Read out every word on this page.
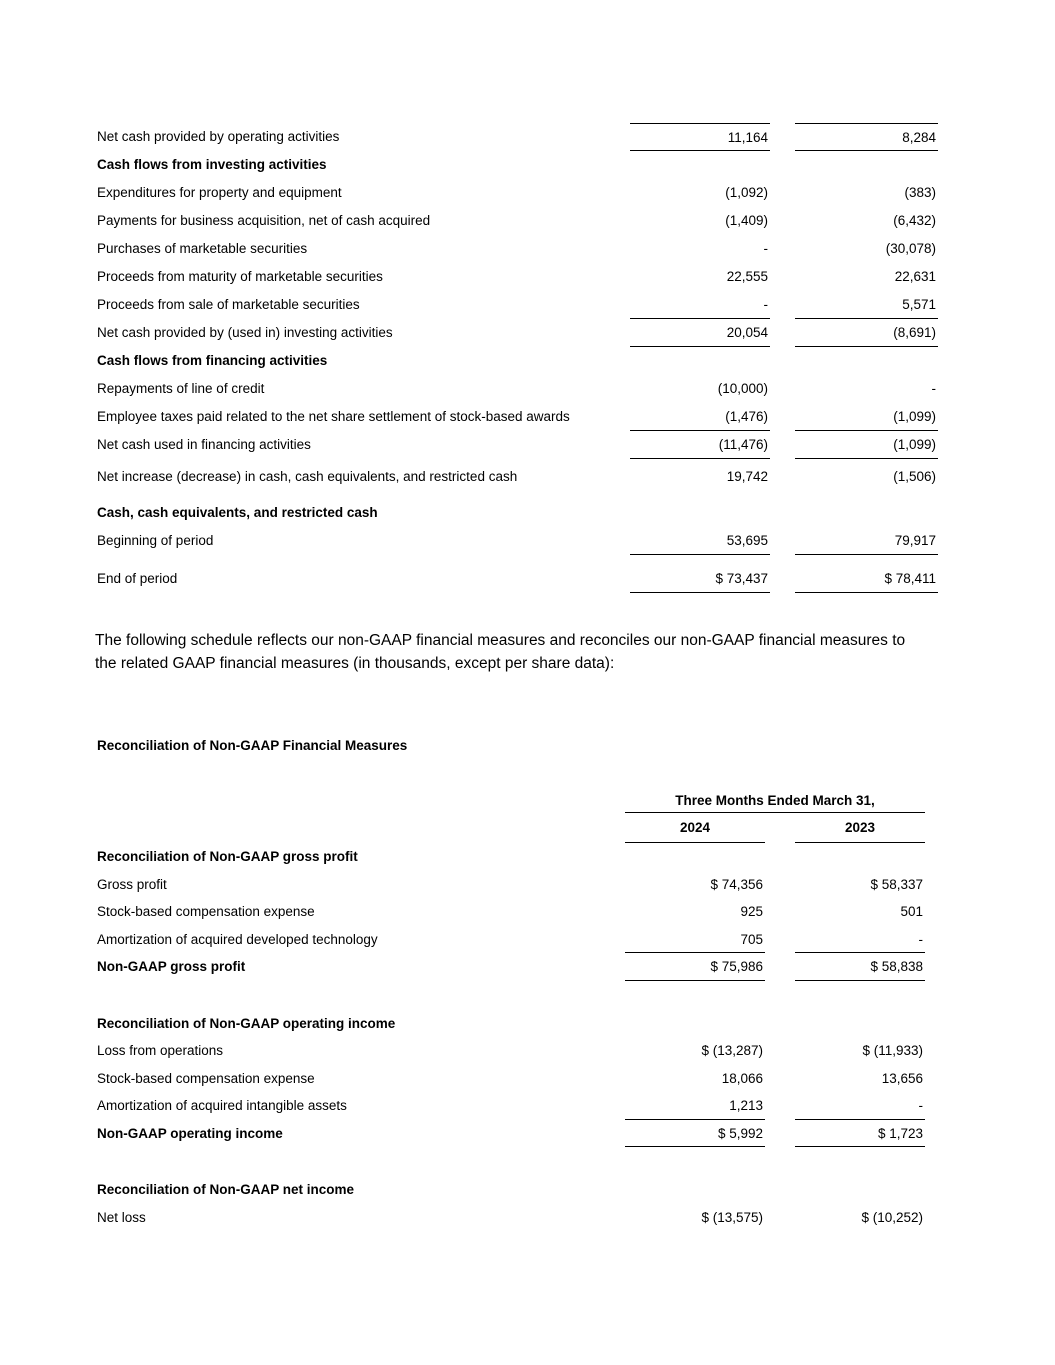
Net cash provided by operating activities	11,164	8,284
Cash flows from investing activities
Expenditures for property and equipment	(1,092)	(383)
Payments for business acquisition, net of cash acquired	(1,409)	(6,432)
Purchases of marketable securities	-	(30,078)
Proceeds from maturity of marketable securities	22,555	22,631
Proceeds from sale of marketable securities	-	5,571
Net cash provided by (used in) investing activities	20,054	(8,691)
Cash flows from financing activities
Repayments of line of credit	(10,000)	-
Employee taxes paid related to the net share settlement of stock-based awards	(1,476)	(1,099)
Net cash used in financing activities	(11,476)	(1,099)
Net increase (decrease) in cash, cash equivalents, and restricted cash	19,742	(1,506)
Cash, cash equivalents, and restricted cash
Beginning of period	53,695	79,917
End of period	$ 73,437	$ 78,411

The following schedule reflects our non-GAAP financial measures and reconciles our non-GAAP financial measures to the related GAAP financial measures (in thousands, except per share data):

Reconciliation of Non-GAAP Financial Measures
Three Months Ended March 31,
2024	2023
Reconciliation of Non-GAAP gross profit
Gross profit	$ 74,356	$ 58,337
Stock-based compensation expense	925	501
Amortization of acquired developed technology	705	-
Non-GAAP gross profit	$ 75,986	$ 58,838
Reconciliation of Non-GAAP operating income
Loss from operations	$ (13,287)	$ (11,933)
Stock-based compensation expense	18,066	13,656
Amortization of acquired intangible assets	1,213	-
Non-GAAP operating income	$ 5,992	$ 1,723
Reconciliation of Non-GAAP net income
Net loss	$ (13,575)	$ (10,252)
